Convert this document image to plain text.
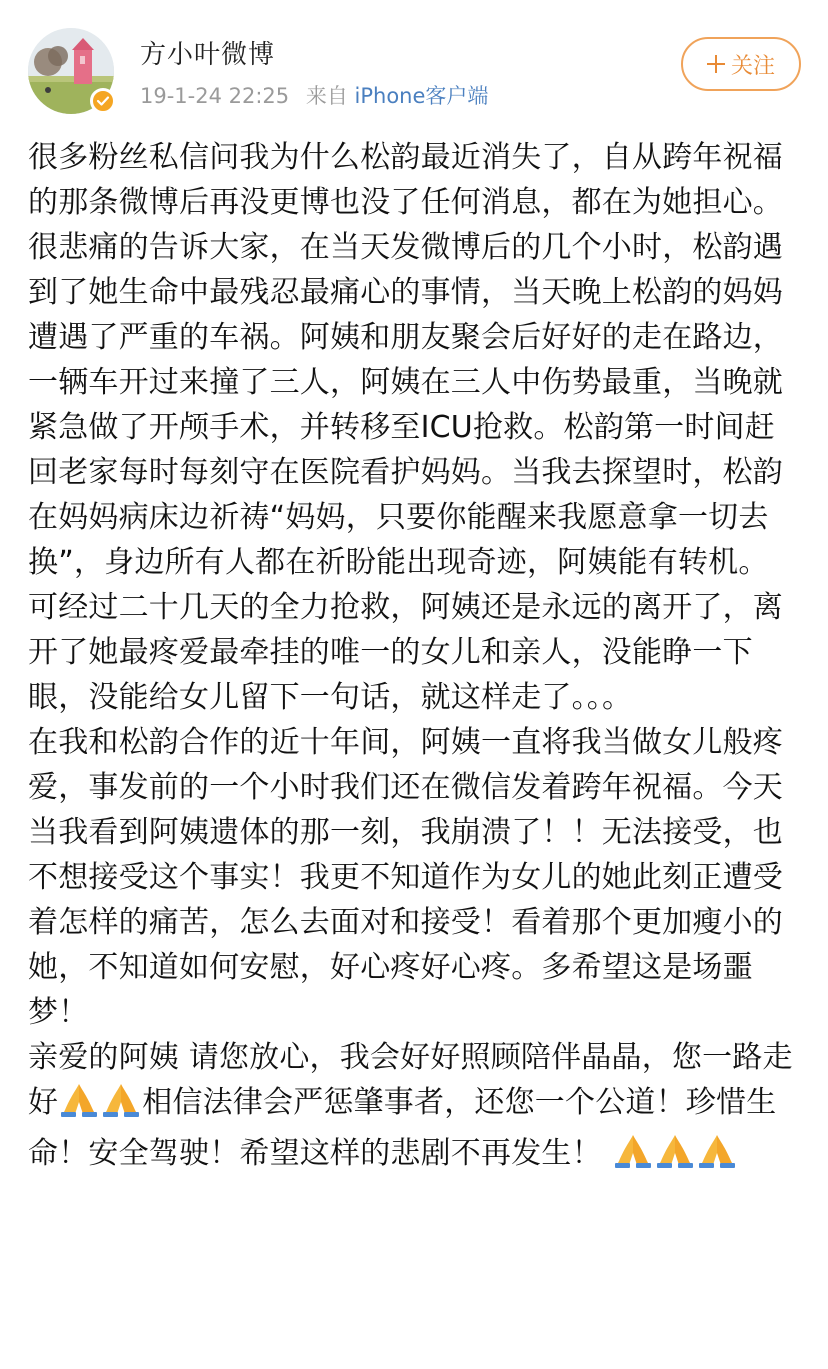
方小叶微博
19-1-24 22:25 来自 iPhone客户端
关注

很多粉丝私信问我为什么松韵最近消失了，自从跨年祝福的那条微博后再没更博也没了任何消息，都在为她担心。很悲痛的告诉大家，在当天发微博后的几个小时，松韵遇到了她生命中最残忍最痛心的事情，当天晚上松韵的妈妈遭遇了严重的车祸。阿姨和朋友聚会后好好的走在路边，一辆车开过来撞了三人，阿姨在三人中伤势最重，当晚就紧急做了开颅手术，并转移至ICU抢救。松韵第一时间赶回老家每时每刻守在医院看护妈妈。当我去探望时，松韵在妈妈病床边祈祷“妈妈，只要你能醒来我愿意拿一切去换”，身边所有人都在祈盼能出现奇迹，阿姨能有转机。

可经过二十几天的全力抢救，阿姨还是永远的离开了，离开了她最疼爱最牵挂的唯一的女儿和亲人，没能睁一下眼，没能给女儿留下一句话，就这样走了。。。

在我和松韵合作的近十年间，阿姨一直将我当做女儿般疼爱，事发前的一个小时我们还在微信发着跨年祝福。今天当我看到阿姨遗体的那一刻，我崩溃了！！无法接受，也不想接受这个事实！我更不知道作为女儿的她此刻正遭受着怎样的痛苦，怎么去面对和接受！看着那个更加瘦小的她，不知道如何安慰，好心疼好心疼。多希望这是场噩梦！

亲爱的阿姨 请您放心，我会好好照顾陪伴晶晶，您一路走好	相信法律会严惩肇事者，还您一个公道！珍惜生命！安全驾驶！希望这样的悲剧不再发生！
